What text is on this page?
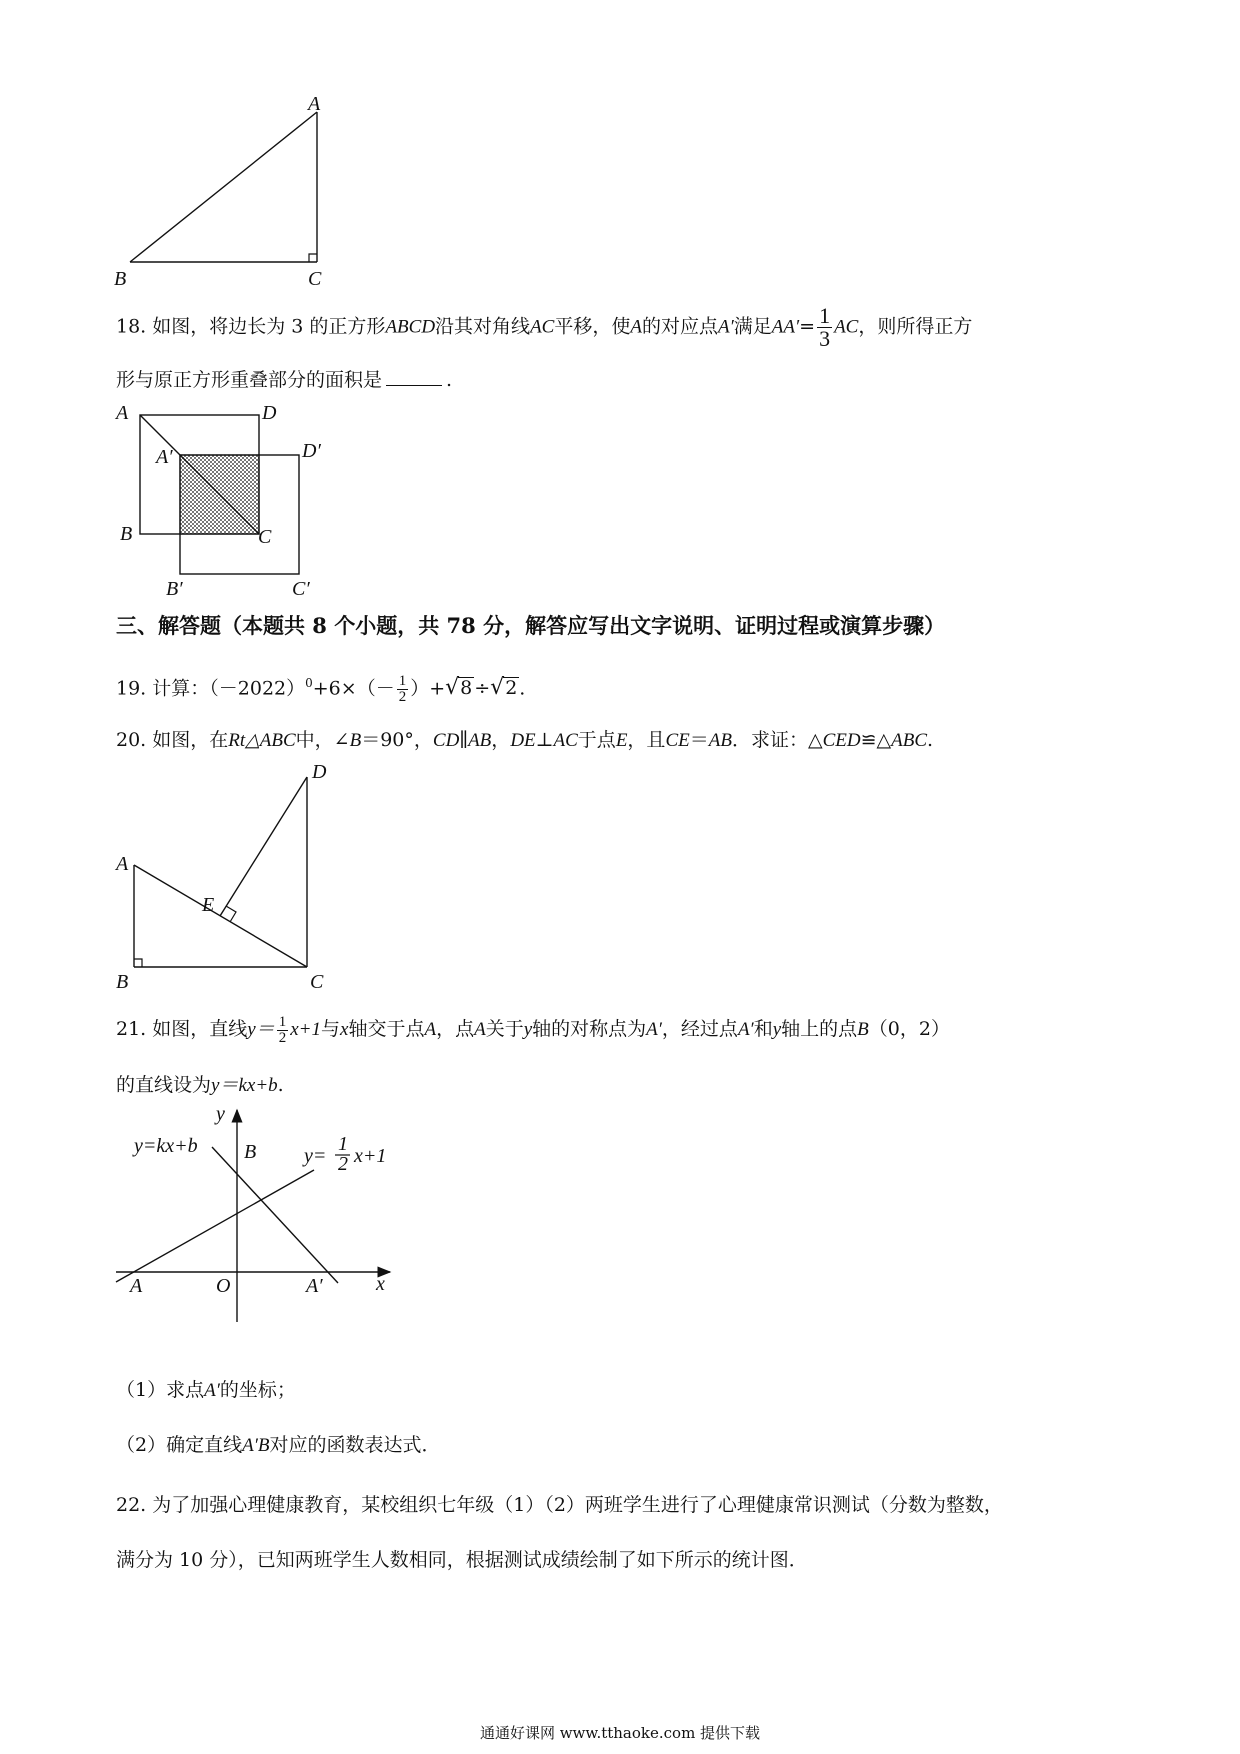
A
B	C
18. 如图，将边长为 3 的正方形ABCD沿其对角线AC平移，使A的对应点A′满足$AA'= \frac{1}{3}$ AC，则所得正方
形与原正方形重叠部分的面积是	.
A	D
A′	D′
B	C
B′	C′
三、解答题（本题共 8 个小题，共 78 分，解答应写出文字说明、证明过程或演算步骤）
19. 计算：$(-2022)^0+6\times(- \frac{1}{2}$ ）+ √ 8 ÷ √ 2 .
20. 如图，在Rt△ABC中，∠B＝90°，CD∥AB，DE⊥AC于点E，且CE＝AB．求证：△CED≌△ABC.
D
A
E
B	C
21. 如图，直线$y= \frac{1}{2} x+1$与x轴交于点A，点A关于y轴的对称点为A′，经过点A′和y轴上的点B（0，2）
的直线设为y＝kx+b.
y
x
O
A	A′
B
y=kx+b	y=
1
2 x+1
（1）求点A′的坐标；
（2）确定直线A′B对应的函数表达式．
22. 为了加强心理健康教育，某校组织七年级（1）（2）两班学生进行了心理健康常识测试（分数为整数，
满分为 10 分），已知两班学生人数相同，根据测试成绩绘制了如下所示的统计图．
通通好课网 www.tthaoke.com 提供下载
